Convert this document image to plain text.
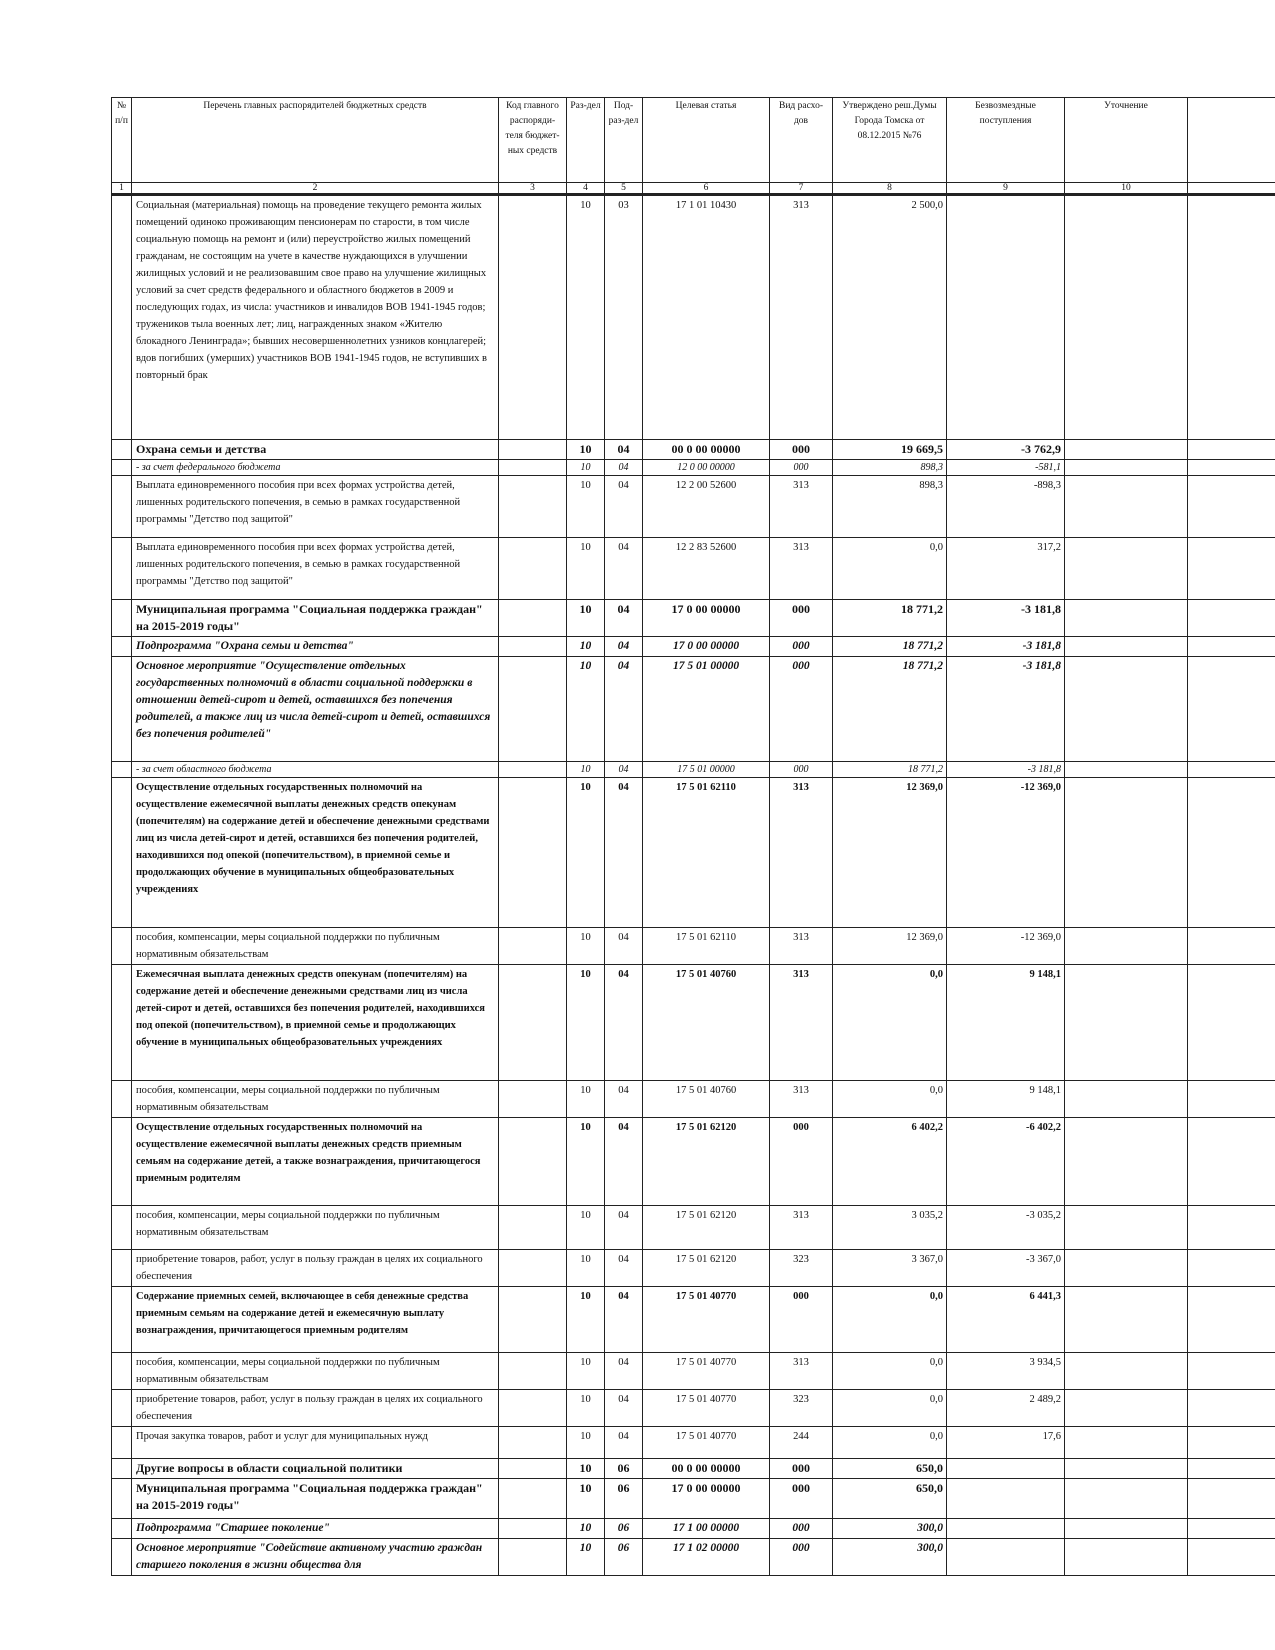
№ п/п	Перечень главных распорядителей бюджетных средств	Код главного распоряди-теля бюджет-ных средств	Раз-дел	Под-раз-дел	Целевая статья	Вид расхо-дов	Утверждено реш.Думы Города Томска от 08.12.2015 №76	Безвозмездные поступления	Уточнение	
1	2	3	4	5	6	7	8	9	10	
	Социальная (материальная) помощь на проведение текущего ремонта жилых помещений одиноко проживающим пенсионерам по старости, в том числе социальную помощь на ремонт и (или) переустройство жилых помещений гражданам, не состоящим на учете в качестве нуждающихся в улучшении жилищных условий и не реализовавшим свое право на улучшение жилищных условий за счет средств федерального и областного бюджетов в 2009 и последующих годах, из числа: участников и инвалидов ВОВ 1941-1945 годов; тружеников тыла военных лет; лиц, награжденных знаком «Жителю блокадного Ленинграда»; бывших несовершеннолетних узников концлагерей; вдов погибших (умерших) участников ВОВ 1941-1945 годов, не вступивших в повторный брак		10	03	17 1 01 10430	313	2 500,0			
	Охрана семьи и детства		10	04	00 0 00 00000	000	19 669,5	-3 762,9		
	- за счет федерального бюджета		10	04	12 0 00 00000	000	898,3	-581,1		
	Выплата единовременного пособия при всех формах устройства детей, лишенных родительского попечения, в семью в рамках государственной программы "Детство под защитой"		10	04	12 2 00 52600	313	898,3	-898,3		
	Выплата единовременного пособия при всех формах устройства детей, лишенных родительского попечения, в семью в рамках государственной программы "Детство под защитой"		10	04	12 2 83 52600	313	0,0	317,2		
	Муниципальная программа "Социальная поддержка граждан" на 2015-2019 годы"		10	04	17 0 00 00000	000	18 771,2	-3 181,8		
	Подпрограмма "Охрана семьи и детства"		10	04	17 0 00 00000	000	18 771,2	-3 181,8		
	Основное мероприятие "Осуществление отдельных государственных полномочий в области социальной поддержки в отношении детей-сирот и детей, оставшихся без попечения родителей, а также лиц из числа детей-сирот и детей, оставшихся без попечения родителей"		10	04	17 5 01 00000	000	18 771,2	-3 181,8		
	- за счет областного бюджета		10	04	17 5 01 00000	000	18 771,2	-3 181,8		
	Осуществление отдельных государственных полномочий на осуществление ежемесячной выплаты денежных средств опекунам (попечителям) на содержание детей и обеспечение денежными средствами лиц из числа детей-сирот и детей, оставшихся без попечения родителей, находившихся под опекой (попечительством), в приемной семье и продолжающих обучение в муниципальных общеобразовательных учреждениях		10	04	17 5 01 62110	313	12 369,0	-12 369,0		
	пособия, компенсации, меры социальной поддержки по публичным нормативным обязательствам		10	04	17 5 01 62110	313	12 369,0	-12 369,0		
	Ежемесячная выплата денежных средств опекунам (попечителям) на содержание детей и обеспечение денежными средствами лиц из числа детей-сирот и детей, оставшихся без попечения родителей, находившихся под опекой (попечительством), в приемной семье и продолжающих обучение в муниципальных общеобразовательных учреждениях		10	04	17 5 01 40760	313	0,0	9 148,1		
	пособия, компенсации, меры социальной поддержки по публичным нормативным обязательствам		10	04	17 5 01 40760	313	0,0	9 148,1		
	Осуществление отдельных государственных полномочий на осуществление ежемесячной выплаты денежных средств приемным семьям на содержание детей, а также вознаграждения, причитающегося приемным родителям		10	04	17 5 01 62120	000	6 402,2	-6 402,2		
	пособия, компенсации, меры социальной поддержки по публичным нормативным обязательствам		10	04	17 5 01 62120	313	3 035,2	-3 035,2		
	приобретение товаров, работ, услуг в пользу граждан в целях их социального обеспечения		10	04	17 5 01 62120	323	3 367,0	-3 367,0		
	Содержание приемных семей, включающее в себя денежные средства приемным семьям на содержание детей и ежемесячную выплату вознаграждения, причитающегося приемным родителям		10	04	17 5 01 40770	000	0,0	6 441,3		
	пособия, компенсации, меры социальной поддержки по публичным нормативным обязательствам		10	04	17 5 01 40770	313	0,0	3 934,5		
	приобретение товаров, работ, услуг в пользу граждан в целях их социального обеспечения		10	04	17 5 01 40770	323	0,0	2 489,2		
	Прочая закупка товаров, работ и услуг для муниципальных нужд		10	04	17 5 01 40770	244	0,0	17,6		
	Другие вопросы в области социальной политики		10	06	00 0 00 00000	000	650,0			
	Муниципальная программа "Социальная поддержка граждан" на 2015-2019 годы"		10	06	17 0 00 00000	000	650,0			
	Подпрограмма "Старшее поколение"		10	06	17 1 00 00000	000	300,0			
	Основное мероприятие "Содействие активному участию граждан старшего поколения в жизни общества для		10	06	17 1 02 00000	000	300,0			
